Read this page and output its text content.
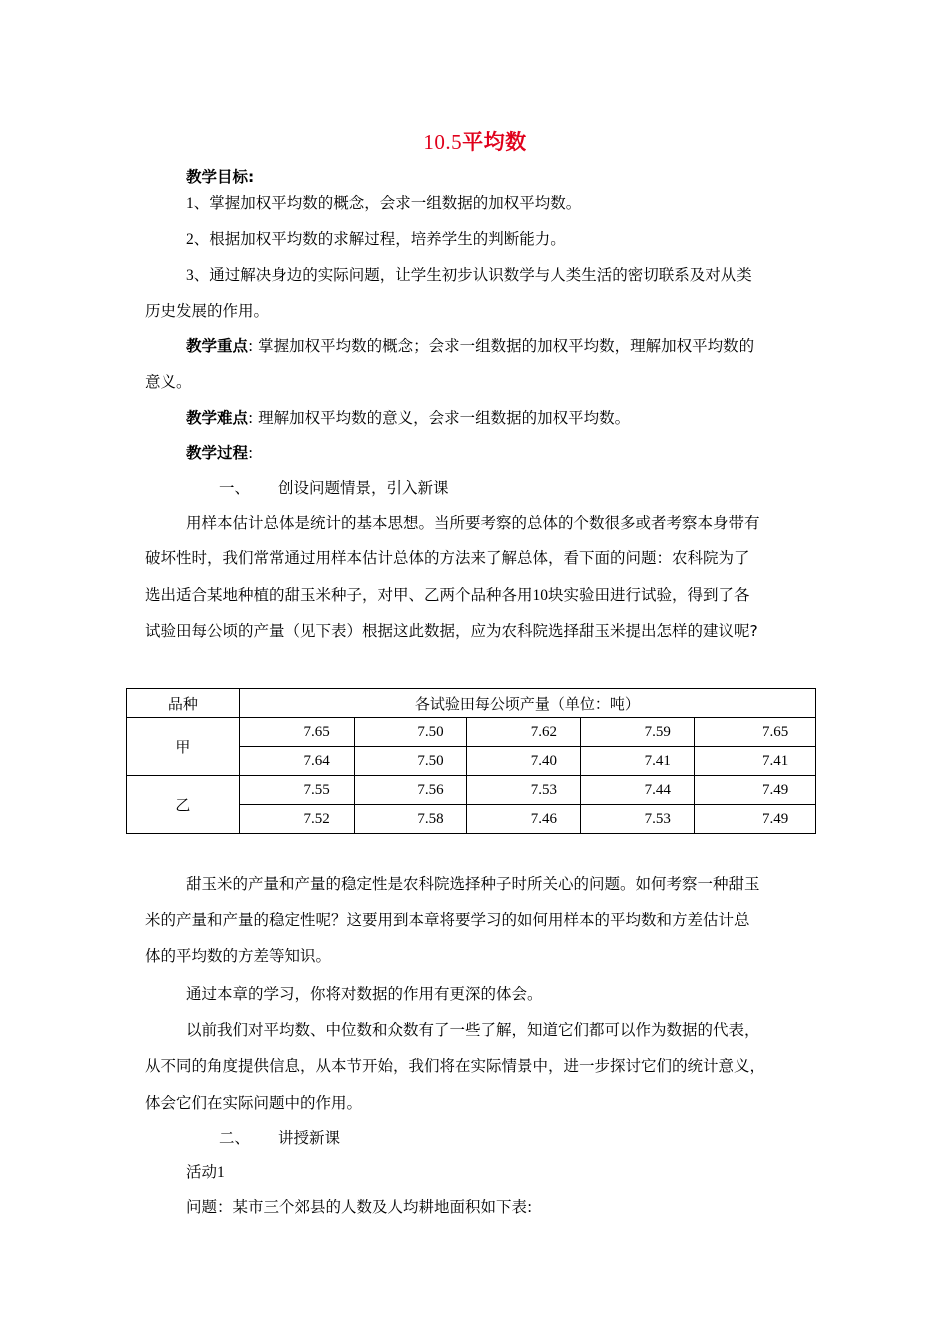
10.5平均数
教学目标:
1、掌握加权平均数的概念，会求一组数据的加权平均数。
2、根据加权平均数的求解过程，培养学生的判断能力。
3、通过解决身边的实际问题，让学生初步认识数学与人类生活的密切联系及对从类
历史发展的作用。
教学重点: 掌握加权平均数的概念；会求一组数据的加权平均数，理解加权平均数的
意义。
教学难点: 理解加权平均数的意义，会求一组数据的加权平均数。
教学过程:
一、 创设问题情景，引入新课
用样本估计总体是统计的基本思想。当所要考察的总体的个数很多或者考察本身带有
破坏性时，我们常常通过用样本估计总体的方法来了解总体，看下面的问题：农科院为了
选出适合某地种植的甜玉米种子，对甲、乙两个品种各用10块实验田进行试验，得到了各
试验田每公顷的产量（见下表）根据这此数据，应为农科院选择甜玉米提出怎样的建议呢?
品种	各试验田每公顷产量（单位：吨）				
甲	7.65	7.50	7.62	7.59	7.65
	7.64	7.50	7.40	7.41	7.41
乙	7.55	7.56	7.53	7.44	7.49
	7.52	7.58	7.46	7.53	7.49
甜玉米的产量和产量的稳定性是农科院选择种子时所关心的问题。如何考察一种甜玉
米的产量和产量的稳定性呢？这要用到本章将要学习的如何用样本的平均数和方差估计总
体的平均数的方差等知识。
通过本章的学习，你将对数据的作用有更深的体会。
以前我们对平均数、中位数和众数有了一些了解，知道它们都可以作为数据的代表，
从不同的角度提供信息，从本节开始，我们将在实际情景中，进一步探讨它们的统计意义，
体会它们在实际问题中的作用。
二、 讲授新课
活动1
问题：某市三个郊县的人数及人均耕地面积如下表:
